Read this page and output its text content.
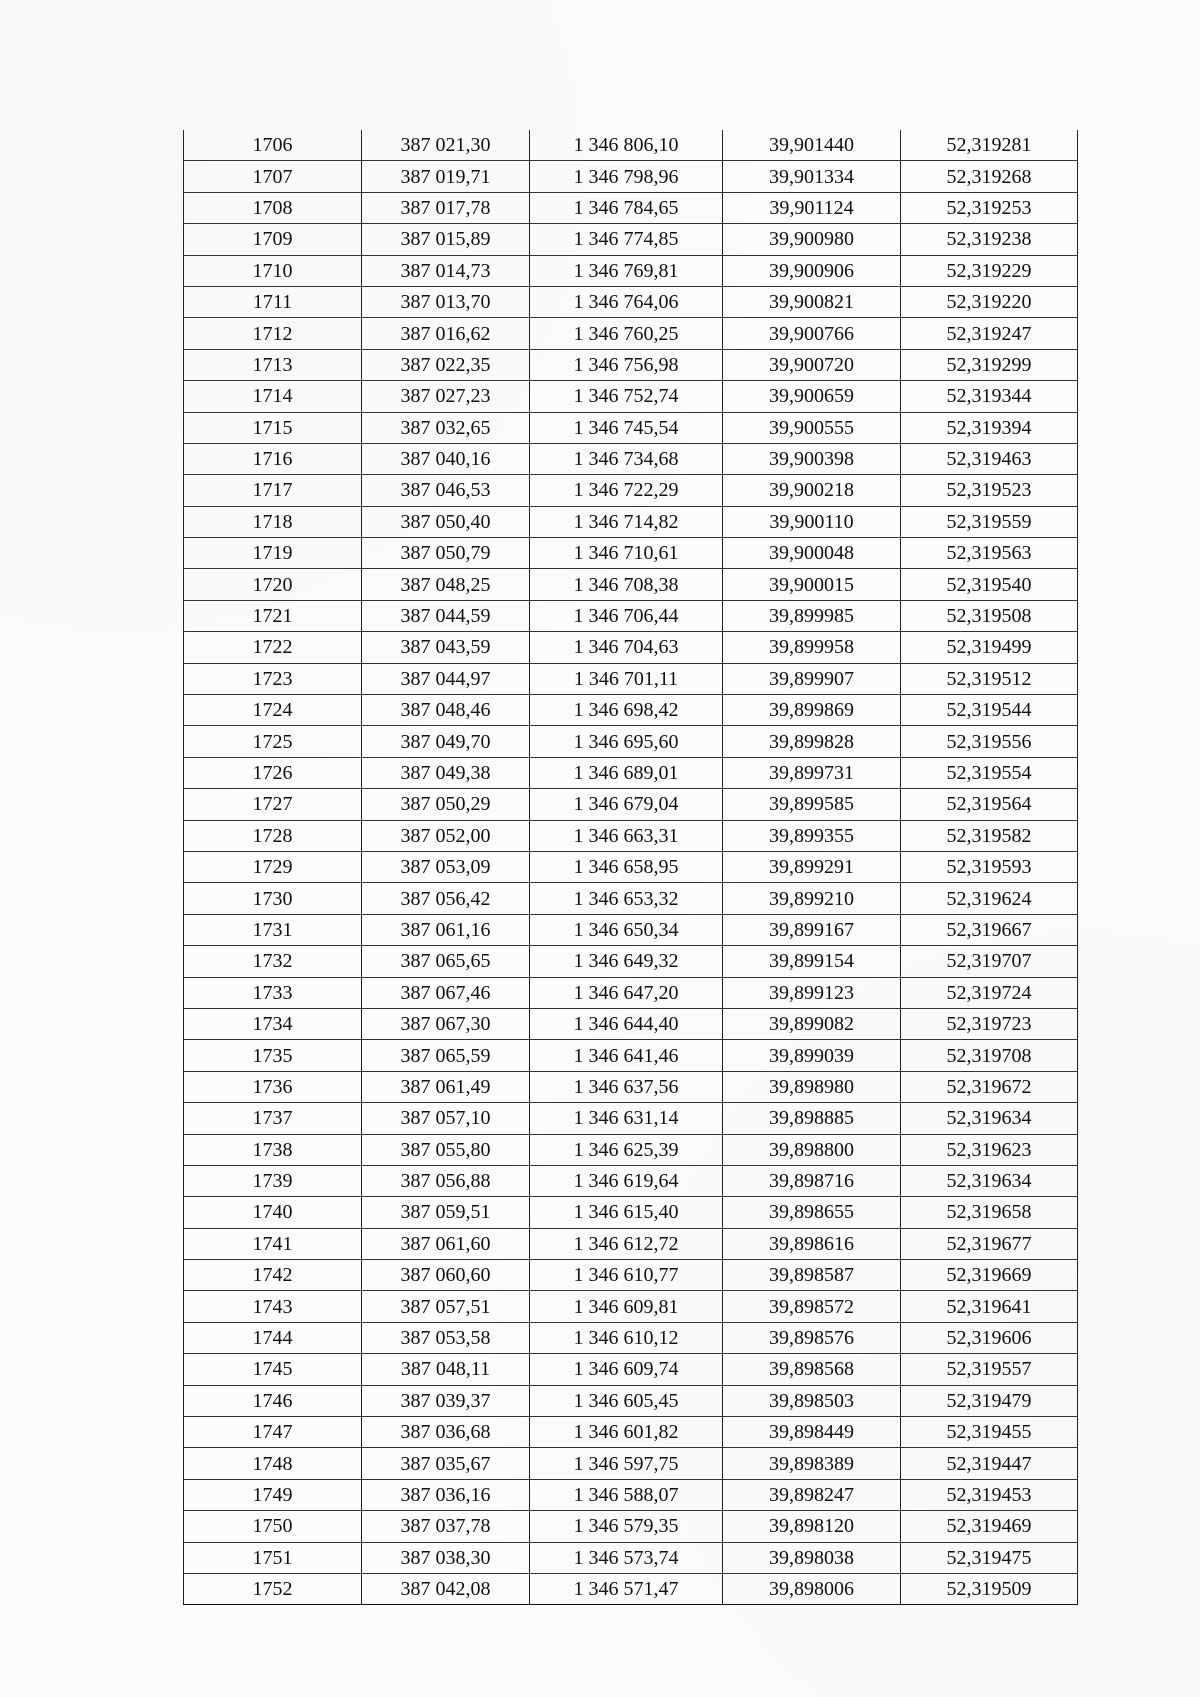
1706	387 021,30	1 346 806,10	39,901440	52,319281
1707	387 019,71	1 346 798,96	39,901334	52,319268
1708	387 017,78	1 346 784,65	39,901124	52,319253
1709	387 015,89	1 346 774,85	39,900980	52,319238
1710	387 014,73	1 346 769,81	39,900906	52,319229
1711	387 013,70	1 346 764,06	39,900821	52,319220
1712	387 016,62	1 346 760,25	39,900766	52,319247
1713	387 022,35	1 346 756,98	39,900720	52,319299
1714	387 027,23	1 346 752,74	39,900659	52,319344
1715	387 032,65	1 346 745,54	39,900555	52,319394
1716	387 040,16	1 346 734,68	39,900398	52,319463
1717	387 046,53	1 346 722,29	39,900218	52,319523
1718	387 050,40	1 346 714,82	39,900110	52,319559
1719	387 050,79	1 346 710,61	39,900048	52,319563
1720	387 048,25	1 346 708,38	39,900015	52,319540
1721	387 044,59	1 346 706,44	39,899985	52,319508
1722	387 043,59	1 346 704,63	39,899958	52,319499
1723	387 044,97	1 346 701,11	39,899907	52,319512
1724	387 048,46	1 346 698,42	39,899869	52,319544
1725	387 049,70	1 346 695,60	39,899828	52,319556
1726	387 049,38	1 346 689,01	39,899731	52,319554
1727	387 050,29	1 346 679,04	39,899585	52,319564
1728	387 052,00	1 346 663,31	39,899355	52,319582
1729	387 053,09	1 346 658,95	39,899291	52,319593
1730	387 056,42	1 346 653,32	39,899210	52,319624
1731	387 061,16	1 346 650,34	39,899167	52,319667
1732	387 065,65	1 346 649,32	39,899154	52,319707
1733	387 067,46	1 346 647,20	39,899123	52,319724
1734	387 067,30	1 346 644,40	39,899082	52,319723
1735	387 065,59	1 346 641,46	39,899039	52,319708
1736	387 061,49	1 346 637,56	39,898980	52,319672
1737	387 057,10	1 346 631,14	39,898885	52,319634
1738	387 055,80	1 346 625,39	39,898800	52,319623
1739	387 056,88	1 346 619,64	39,898716	52,319634
1740	387 059,51	1 346 615,40	39,898655	52,319658
1741	387 061,60	1 346 612,72	39,898616	52,319677
1742	387 060,60	1 346 610,77	39,898587	52,319669
1743	387 057,51	1 346 609,81	39,898572	52,319641
1744	387 053,58	1 346 610,12	39,898576	52,319606
1745	387 048,11	1 346 609,74	39,898568	52,319557
1746	387 039,37	1 346 605,45	39,898503	52,319479
1747	387 036,68	1 346 601,82	39,898449	52,319455
1748	387 035,67	1 346 597,75	39,898389	52,319447
1749	387 036,16	1 346 588,07	39,898247	52,319453
1750	387 037,78	1 346 579,35	39,898120	52,319469
1751	387 038,30	1 346 573,74	39,898038	52,319475
1752	387 042,08	1 346 571,47	39,898006	52,319509
